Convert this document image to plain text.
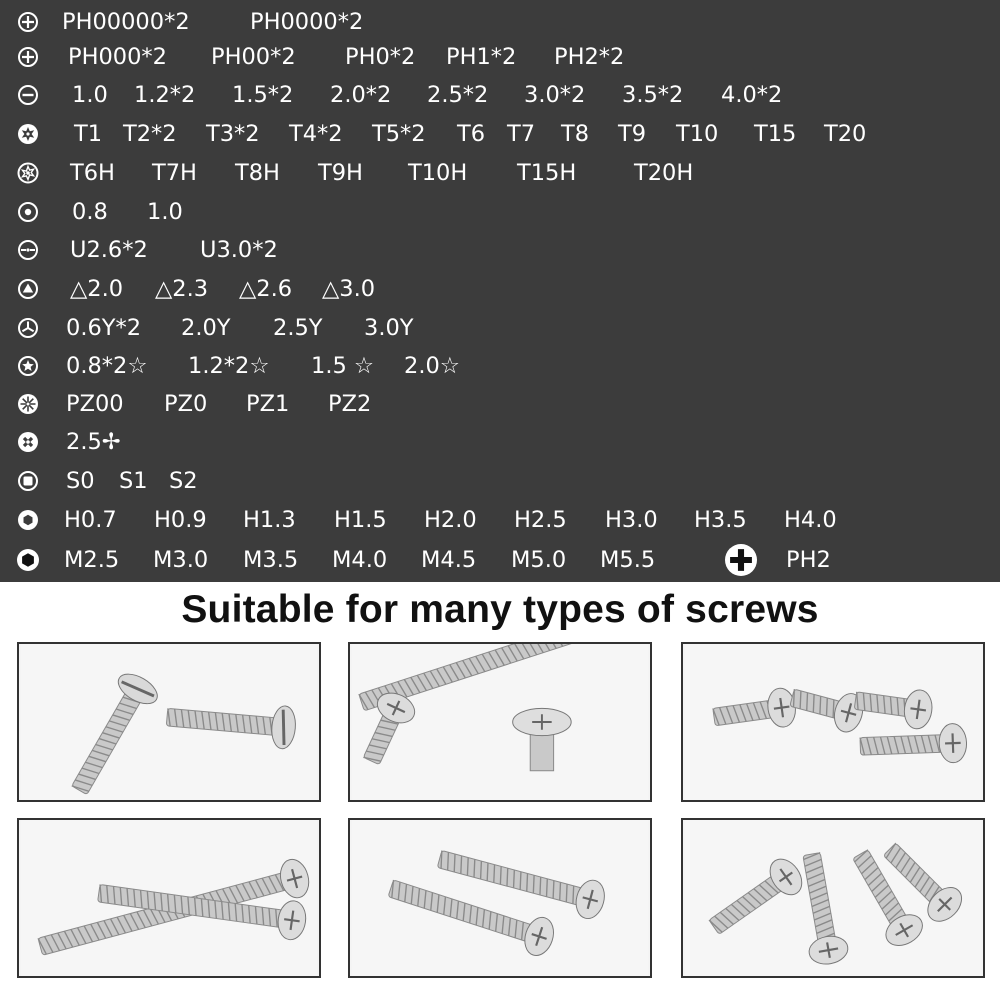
PH00000*2	PH0000*2
PH000*2 PH00*2 PH0*2 PH1*2 PH2*2
1.0 1.2*2 1.5*2 2.0*2 2.5*2 3.0*2 3.5*2 4.0*2
T1 T2*2 T3*2 T4*2 T5*2 T6 T7 T8 T9 T10 T15 T20
T6H T7H T8H T9H T10H T15H	T20H
0.8 1.0
U2.6*2 U3.0*2
△2.0 △2.3 △2.6 △3.0
0.6Y*2 2.0Y 2.5Y 3.0Y
0.8*2☆ 1.2*2☆ 1.5 ☆ 2.0☆
PZ00 PZ0 PZ1 PZ2
2.5✢
S0 S1 S2
H0.7 H0.9 H1.3 H1.5 H2.0 H2.5 H3.0 H3.5 H4.0
M2.5 M3.0 M3.5 M4.0 M4.5 M5.0 M5.5	PH2
Suitable for many types of screws
